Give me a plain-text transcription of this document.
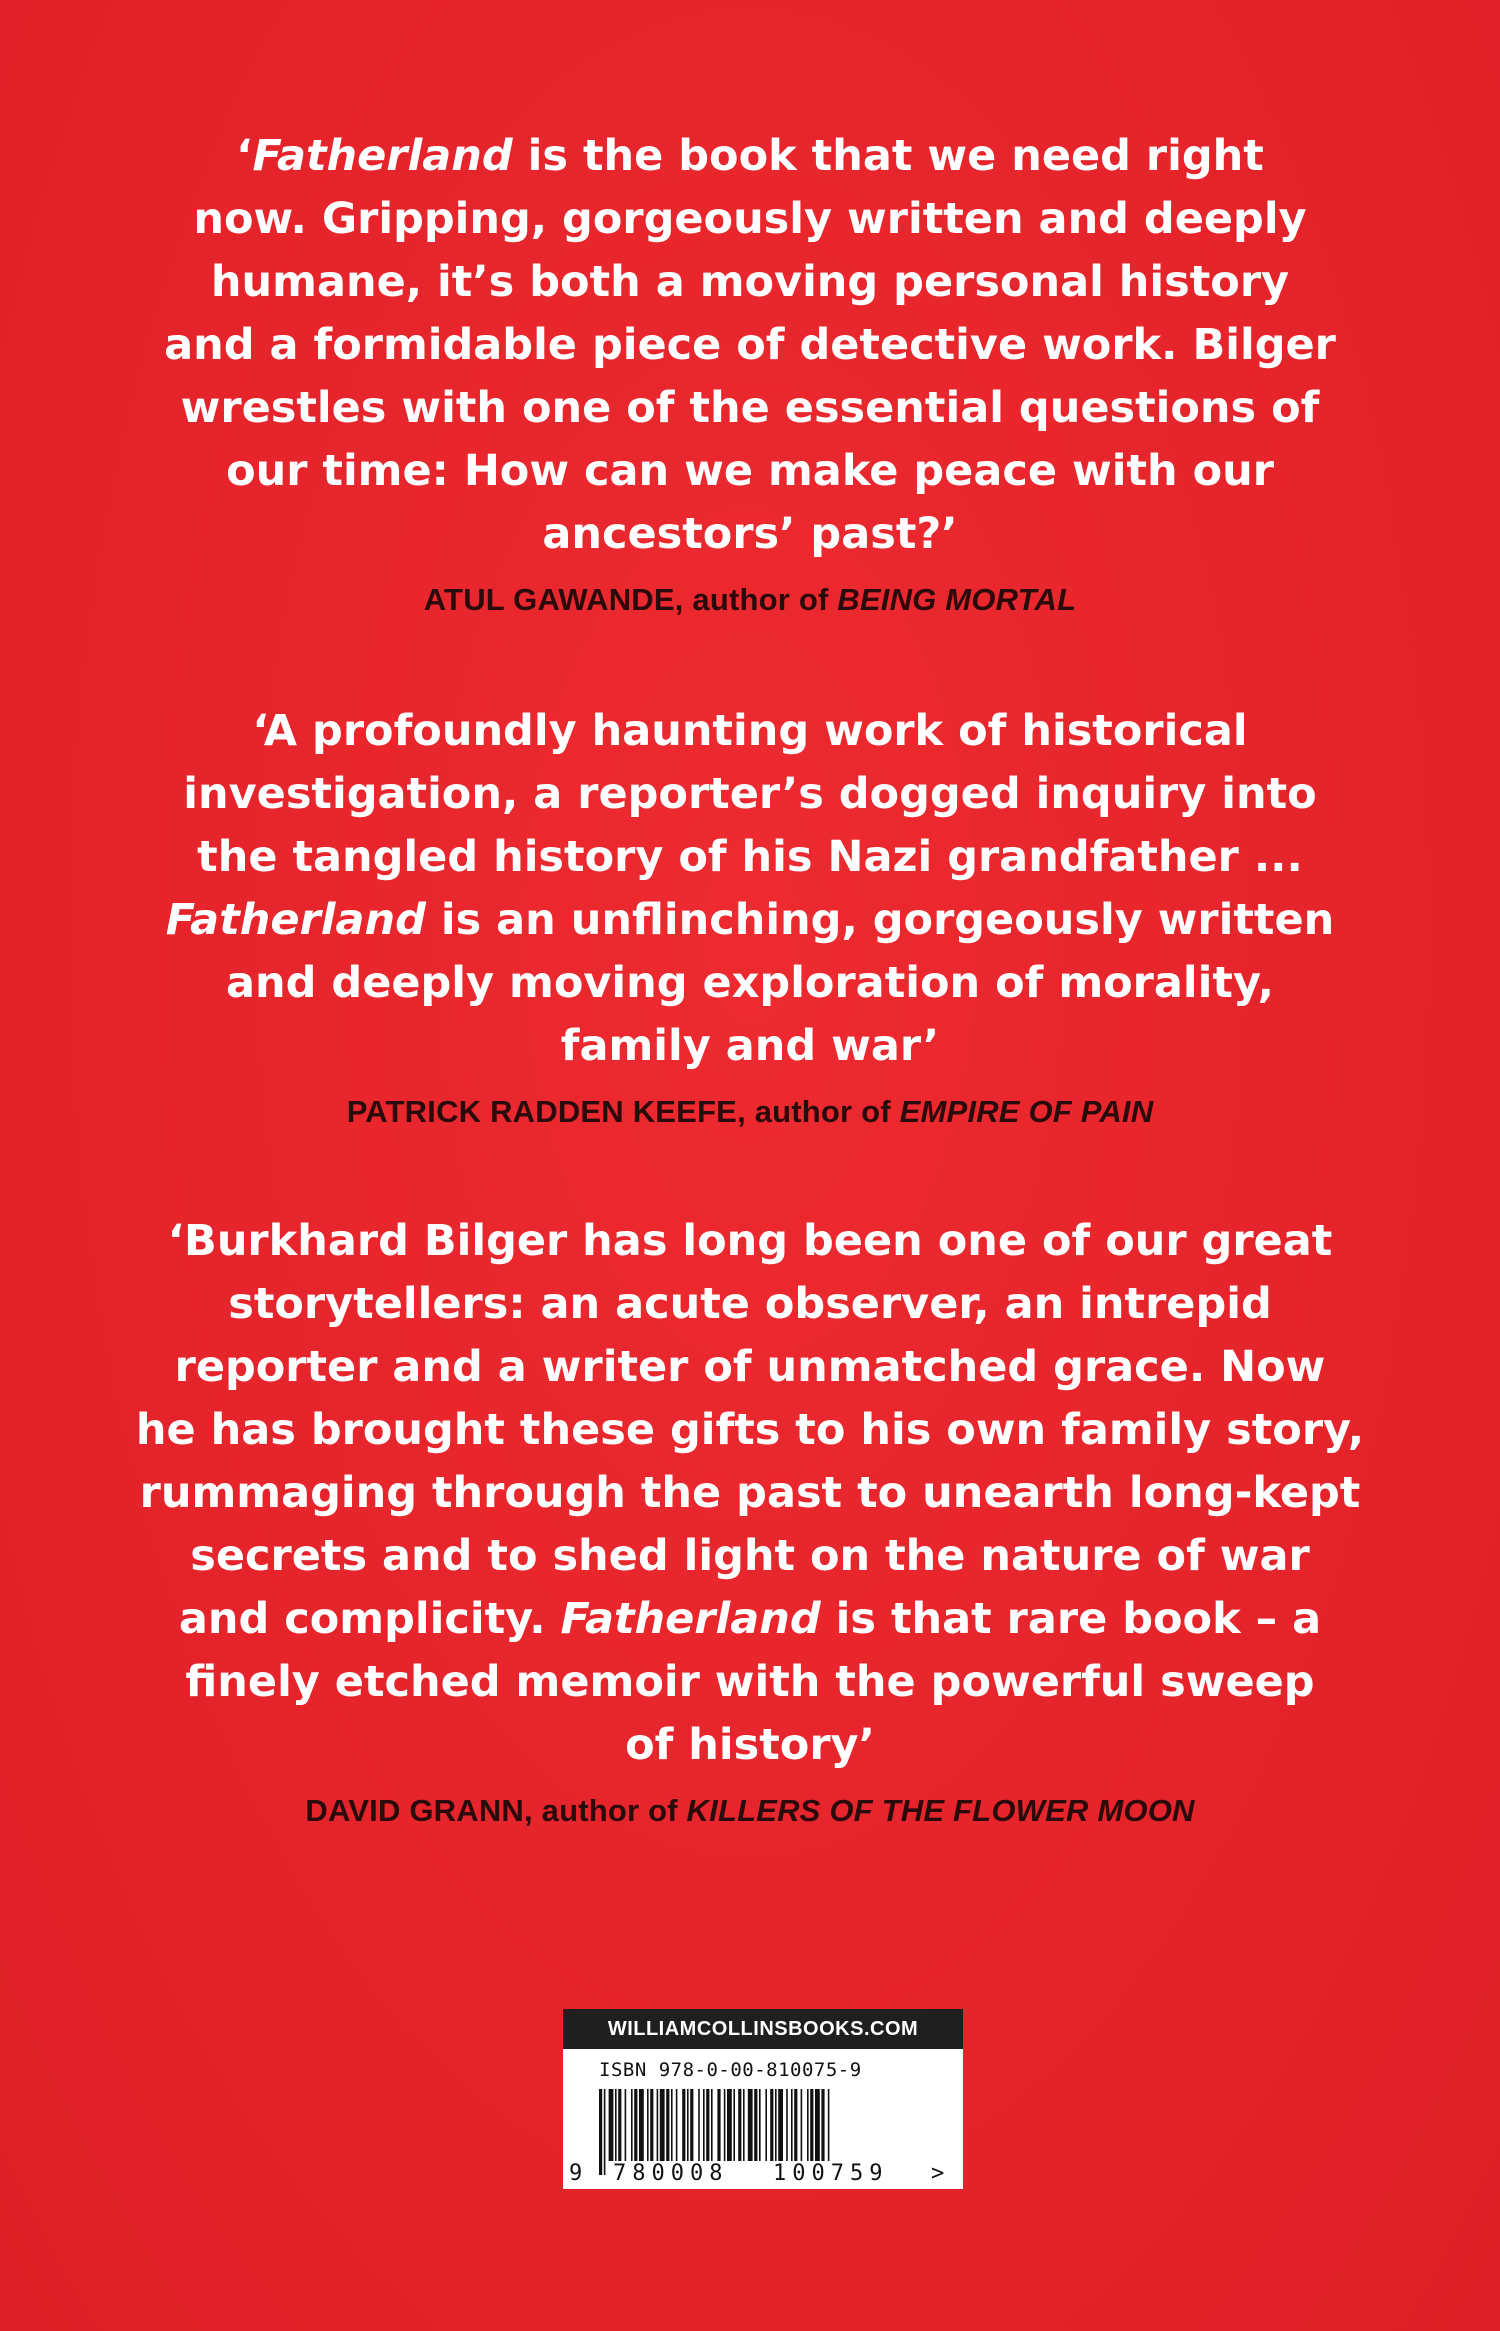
‘Fatherland is the book that we need right
now. Gripping, gorgeously written and deeply
humane, it’s both a moving personal history
and a formidable piece of detective work. Bilger
wrestles with one of the essential questions of
our time: How can we make peace with our
ancestors’ past?’

ATUL GAWANDE, author of BEING MORTAL

‘A profoundly haunting work of historical
investigation, a reporter’s dogged inquiry into
the tangled history of his Nazi grandfather ...
Fatherland is an unflinching, gorgeously written
and deeply moving exploration of morality,
family and war’

PATRICK RADDEN KEEFE, author of EMPIRE OF PAIN

‘Burkhard Bilger has long been one of our great
storytellers: an acute observer, an intrepid
reporter and a writer of unmatched grace. Now
he has brought these gifts to his own family story,
rummaging through the past to unearth long-kept
secrets and to shed light on the nature of war
and complicity. Fatherland is that rare book – a
finely etched memoir with the powerful sweep
of history’

DAVID GRANN, author of KILLERS OF THE FLOWER MOON
WILLIAMCOLLINSBOOKS.COM
ISBN 978-0-00-810075-9
9 780008 100759 >
